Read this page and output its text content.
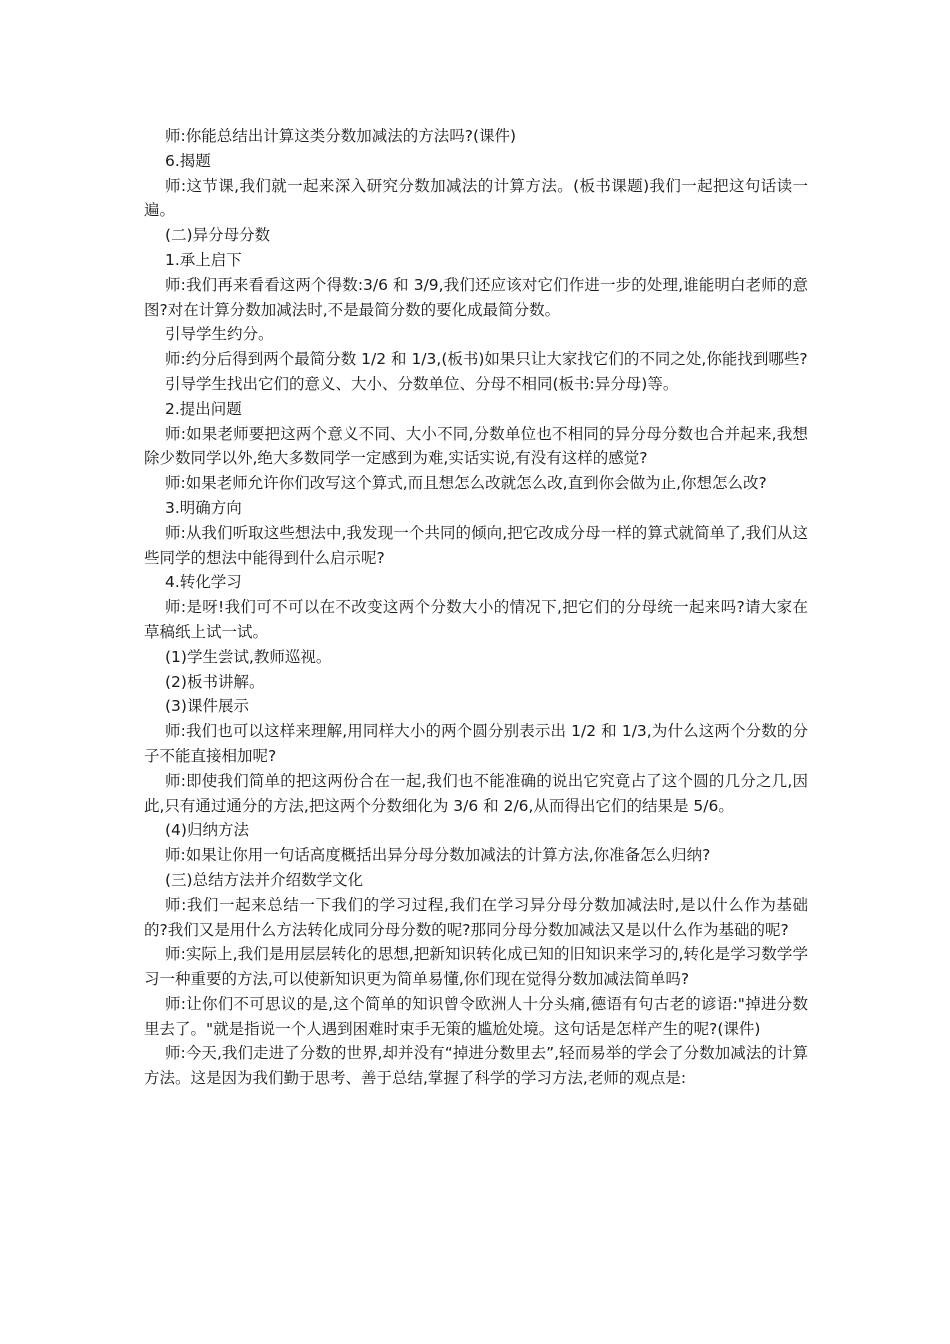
师:你能总结出计算这类分数加减法的方法吗?(课件)

6.揭题

师:这节课,我们就一起来深入研究分数加减法的计算方法。(板书课题)我们一起把这句话读一遍。

(二)异分母分数

1.承上启下

师:我们再来看看这两个得数:3/6 和 3/9,我们还应该对它们作进一步的处理,谁能明白老师的意图?对在计算分数加减法时,不是最简分数的要化成最简分数。

引导学生约分。

师:约分后得到两个最简分数 1/2 和 1/3,(板书)如果只让大家找它们的不同之处,你能找到哪些?

引导学生找出它们的意义、大小、分数单位、分母不相同(板书:异分母)等。

2.提出问题

师:如果老师要把这两个意义不同、大小不同,分数单位也不相同的异分母分数也合并起来,我想除少数同学以外,绝大多数同学一定感到为难,实话实说,有没有这样的感觉?

师:如果老师允许你们改写这个算式,而且想怎么改就怎么改,直到你会做为止,你想怎么改?

3.明确方向

师:从我们听取这些想法中,我发现一个共同的倾向,把它改成分母一样的算式就简单了,我们从这些同学的想法中能得到什么启示呢?

4.转化学习

师:是呀!我们可不可以在不改变这两个分数大小的情况下,把它们的分母统一起来吗?请大家在草稿纸上试一试。

(1)学生尝试,教师巡视。

(2)板书讲解。

(3)课件展示

师:我们也可以这样来理解,用同样大小的两个圆分别表示出 1/2 和 1/3,为什么这两个分数的分子不能直接相加呢?

师:即使我们简单的把这两份合在一起,我们也不能准确的说出它究竟占了这个圆的几分之几,因此,只有通过通分的方法,把这两个分数细化为 3/6 和 2/6,从而得出它们的结果是 5/6。

(4)归纳方法

师:如果让你用一句话高度概括出异分母分数加减法的计算方法,你准备怎么归纳?

(三)总结方法并介绍数学文化

师:我们一起来总结一下我们的学习过程,我们在学习异分母分数加减法时,是以什么作为基础的?我们又是用什么方法转化成同分母分数的呢?那同分母分数加减法又是以什么作为基础的呢?

师:实际上,我们是用层层转化的思想,把新知识转化成已知的旧知识来学习的,转化是学习数学学习一种重要的方法,可以使新知识更为简单易懂,你们现在觉得分数加减法简单吗?

师:让你们不可思议的是,这个简单的知识曾令欧洲人十分头痛,德语有句古老的谚语:"掉进分数里去了。"就是指说一个人遇到困难时束手无策的尴尬处境。这句话是怎样产生的呢?(课件)

师:今天,我们走进了分数的世界,却并没有“掉进分数里去”,轻而易举的学会了分数加减法的计算方法。这是因为我们勤于思考、善于总结,掌握了科学的学习方法,老师的观点是:
